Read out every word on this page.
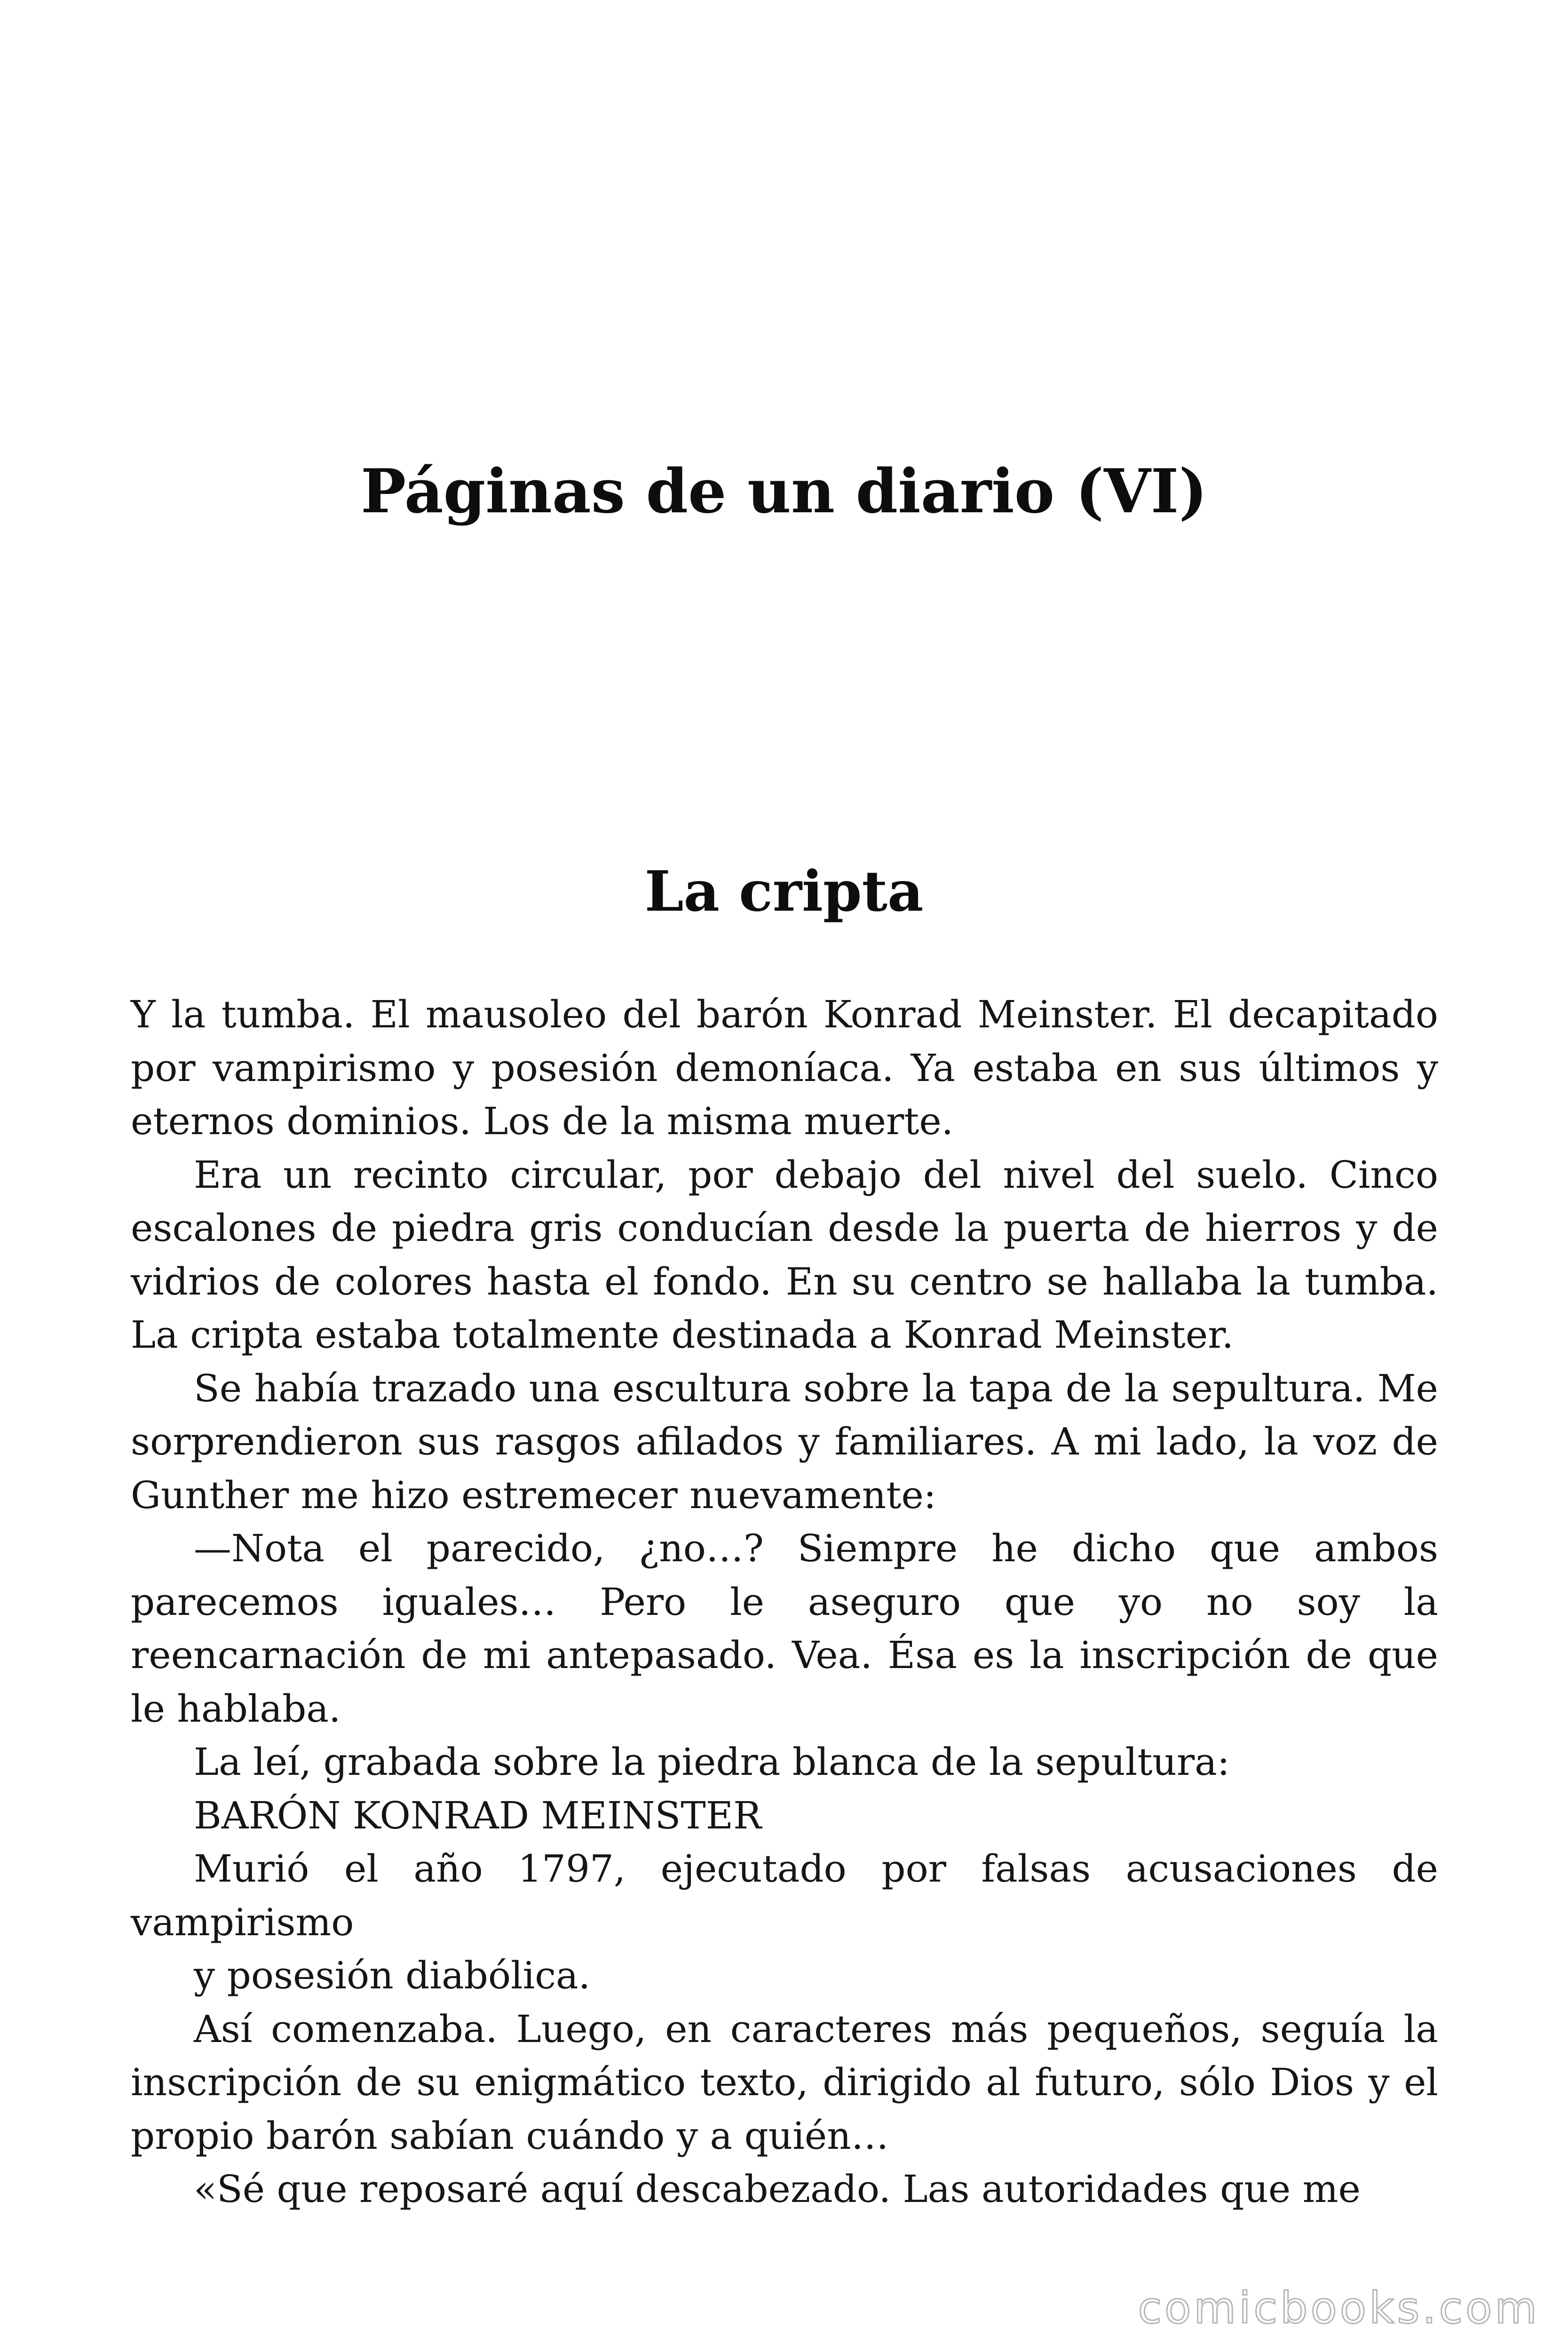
Páginas de un diario (VI)
La cripta

Y la tumba. El mausoleo del barón Konrad Meinster. El decapitado por vampirismo y posesión demoníaca. Ya estaba en sus últimos y eternos dominios. Los de la misma muerte.

Era un recinto circular, por debajo del nivel del suelo. Cinco escalones de piedra gris conducían desde la puerta de hierros y de vidrios de colores hasta el fondo. En su centro se hallaba la tumba. La cripta estaba totalmente destinada a Konrad Meinster.

Se había trazado una escultura sobre la tapa de la sepultura. Me sorprendieron sus rasgos afilados y familiares. A mi lado, la voz de Gunther me hizo estremecer nuevamente:

—Nota el parecido, ¿no…? Siempre he dicho que ambos parecemos iguales… Pero le aseguro que yo no soy la reencarnación de mi antepasado. Vea. Ésa es la inscripción de que le hablaba.

La leí, grabada sobre la piedra blanca de la sepultura:

BARÓN KONRAD MEINSTER

Murió el año 1797, ejecutado por falsas acusaciones de vampirismo

y posesión diabólica.

Así comenzaba. Luego, en caracteres más pequeños, seguía la inscripción de su enigmático texto, dirigido al futuro, sólo Dios y el propio barón sabían cuándo y a quién…

«Sé que reposaré aquí descabezado. Las autoridades que me

comicbooks.com
